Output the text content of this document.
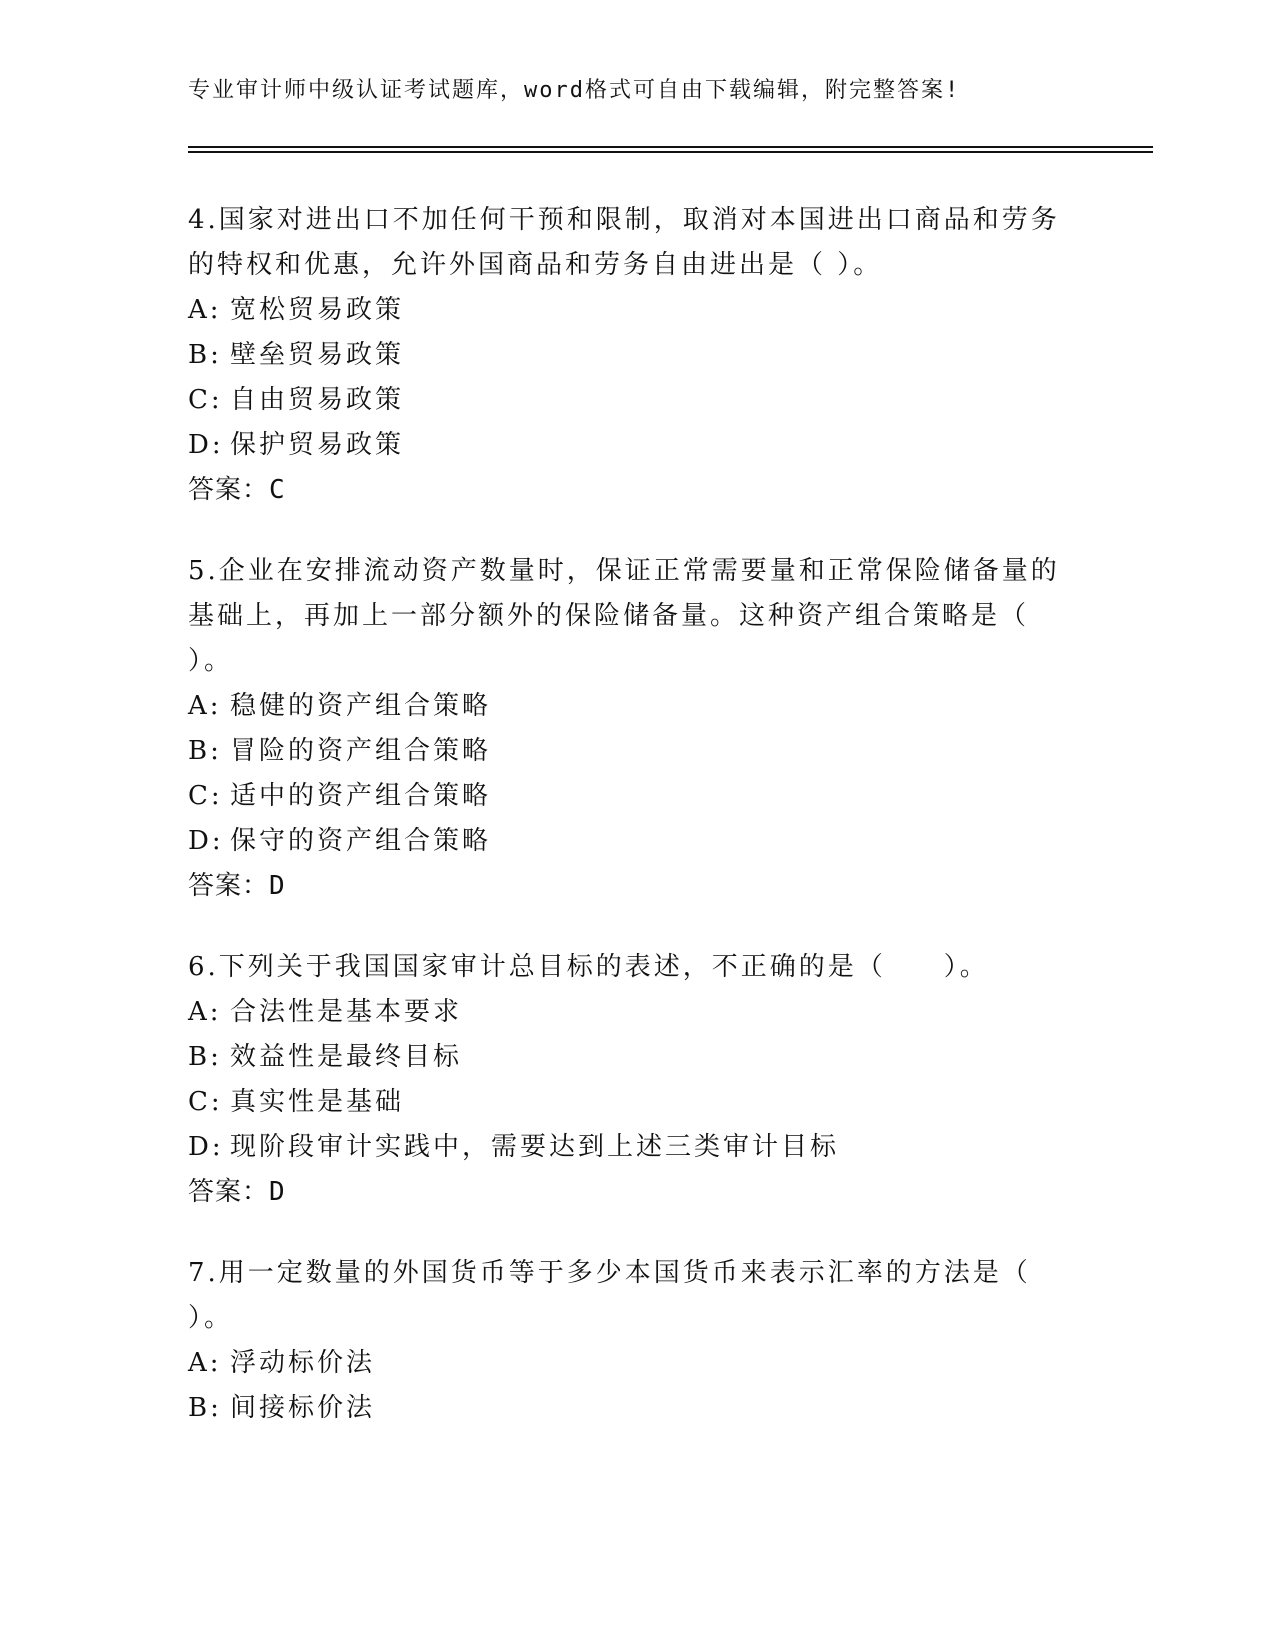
专业审计师中级认证考试题库，word格式可自由下载编辑，附完整答案!

4.国家对进出口不加任何干预和限制，取消对本国进出口商品和劳务的特权和优惠，允许外国商品和劳务自由进出是（ ）。

A: 宽松贸易政策

B: 壁垒贸易政策

C: 自由贸易政策

D: 保护贸易政策

答案：C

5.企业在安排流动资产数量时，保证正常需要量和正常保险储备量的基础上，再加上一部分额外的保险储备量。这种资产组合策略是（ ）。

A: 稳健的资产组合策略

B: 冒险的资产组合策略

C: 适中的资产组合策略

D: 保守的资产组合策略

答案：D

6.下列关于我国国家审计总目标的表述，不正确的是（　　）。

A: 合法性是基本要求

B: 效益性是最终目标

C: 真实性是基础

D: 现阶段审计实践中，需要达到上述三类审计目标

答案：D

7.用一定数量的外国货币等于多少本国货币来表示汇率的方法是（ ）。

A: 浮动标价法

B: 间接标价法
